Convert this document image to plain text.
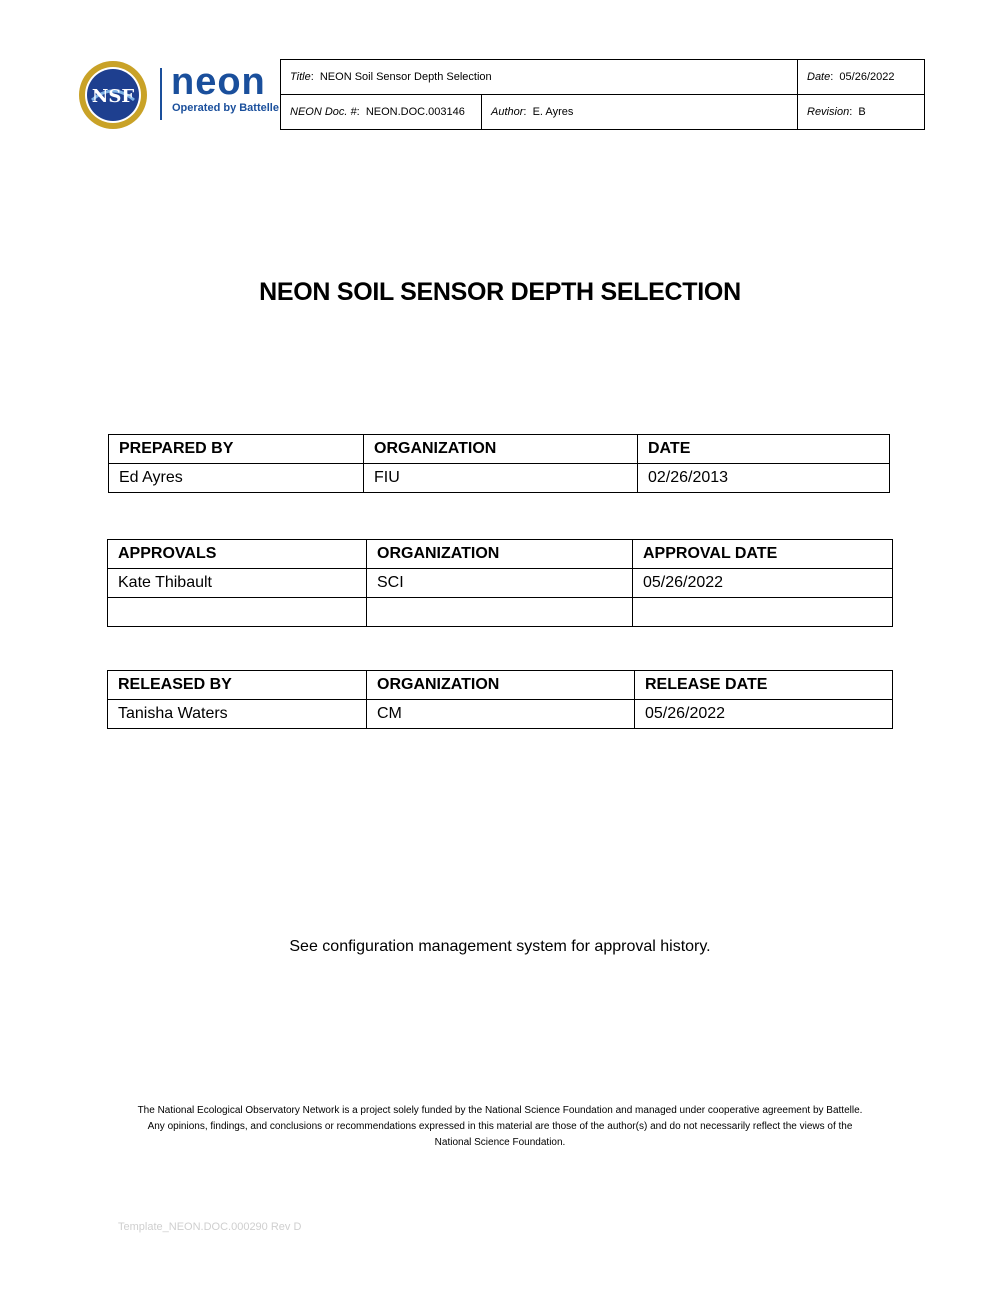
NSF neon
Operated by Battelle
Title:  NEON Soil Sensor Depth Selection		Date:  05/26/2022
NEON Doc. #:  NEON.DOC.003146	Author:  E. Ayres	Revision:  B
NEON SOIL SENSOR DEPTH SELECTION
PREPARED BY	ORGANIZATION	DATE
Ed Ayres	FIU	02/26/2013
APPROVALS	ORGANIZATION	APPROVAL DATE
Kate Thibault	SCI	05/26/2022

RELEASED BY	ORGANIZATION	RELEASE DATE
Tanisha Waters	CM	05/26/2022
See configuration management system for approval history.
The National Ecological Observatory Network is a project solely funded by the National Science Foundation and managed under cooperative agreement by Battelle.
Any opinions, findings, and conclusions or recommendations expressed in this material are those of the author(s) and do not necessarily reflect the views of the
National Science Foundation.
Template_NEON.DOC.000290 Rev D
